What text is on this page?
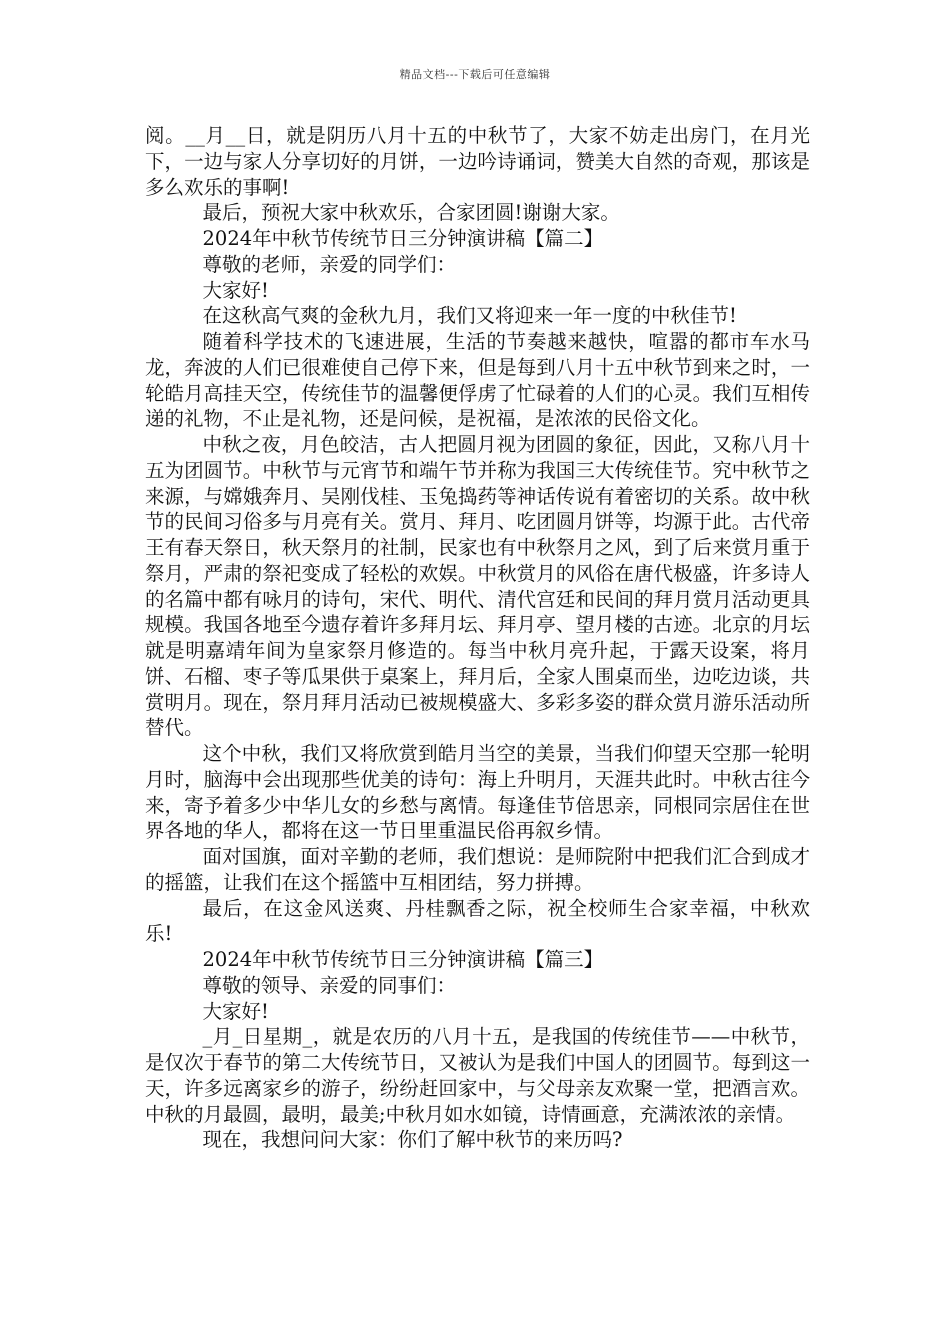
精品文档---下载后可任意编辑

阅。__月__日，就是阴历八月十五的中秋节了，大家不妨走出房门，在月光下，一边与家人分享切好的月饼，一边吟诗诵词，赞美大自然的奇观，那该是多么欢乐的事啊!

最后，预祝大家中秋欢乐，合家团圆!谢谢大家。

2024年中秋节传统节日三分钟演讲稿【篇二】

尊敬的老师，亲爱的同学们：

大家好!

在这秋高气爽的金秋九月，我们又将迎来一年一度的中秋佳节!

随着科学技术的飞速进展，生活的节奏越来越快，喧嚣的都市车水马龙，奔波的人们已很难使自己停下来，但是每到八月十五中秋节到来之时，一轮皓月高挂天空，传统佳节的温馨便俘虏了忙碌着的人们的心灵。我们互相传递的礼物，不止是礼物，还是问候，是祝福，是浓浓的民俗文化。

中秋之夜，月色皎洁，古人把圆月视为团圆的象征，因此，又称八月十五为团圆节。中秋节与元宵节和端午节并称为我国三大传统佳节。究中秋节之来源，与嫦娥奔月、吴刚伐桂、玉兔捣药等神话传说有着密切的关系。故中秋节的民间习俗多与月亮有关。赏月、拜月、吃团圆月饼等，均源于此。古代帝王有春天祭日，秋天祭月的社制，民家也有中秋祭月之风，到了后来赏月重于祭月，严肃的祭祀变成了轻松的欢娱。中秋赏月的风俗在唐代极盛，许多诗人的名篇中都有咏月的诗句，宋代、明代、清代宫廷和民间的拜月赏月活动更具规模。我国各地至今遗存着许多拜月坛、拜月亭、望月楼的古迹。北京的月坛就是明嘉靖年间为皇家祭月修造的。每当中秋月亮升起，于露天设案，将月饼、石榴、枣子等瓜果供于桌案上，拜月后，全家人围桌而坐，边吃边谈，共赏明月。现在，祭月拜月活动已被规模盛大、多彩多姿的群众赏月游乐活动所替代。

这个中秋，我们又将欣赏到皓月当空的美景，当我们仰望天空那一轮明月时，脑海中会出现那些优美的诗句：海上升明月，天涯共此时。中秋古往今来，寄予着多少中华儿女的乡愁与离情。每逢佳节倍思亲，同根同宗居住在世界各地的华人，都将在这一节日里重温民俗再叙乡情。

面对国旗，面对辛勤的老师，我们想说：是师院附中把我们汇合到成才的摇篮，让我们在这个摇篮中互相团结，努力拼搏。

最后，在这金风送爽、丹桂飘香之际，祝全校师生合家幸福，中秋欢乐!

2024年中秋节传统节日三分钟演讲稿【篇三】

尊敬的领导、亲爱的同事们：

大家好!

_月_日星期_，就是农历的八月十五，是我国的传统佳节——中秋节，是仅次于春节的第二大传统节日，又被认为是我们中国人的团圆节。每到这一天，许多远离家乡的游子，纷纷赶回家中，与父母亲友欢聚一堂，把酒言欢。中秋的月最圆，最明，最美;中秋月如水如镜，诗情画意，充满浓浓的亲情。

现在，我想问问大家：你们了解中秋节的来历吗?
